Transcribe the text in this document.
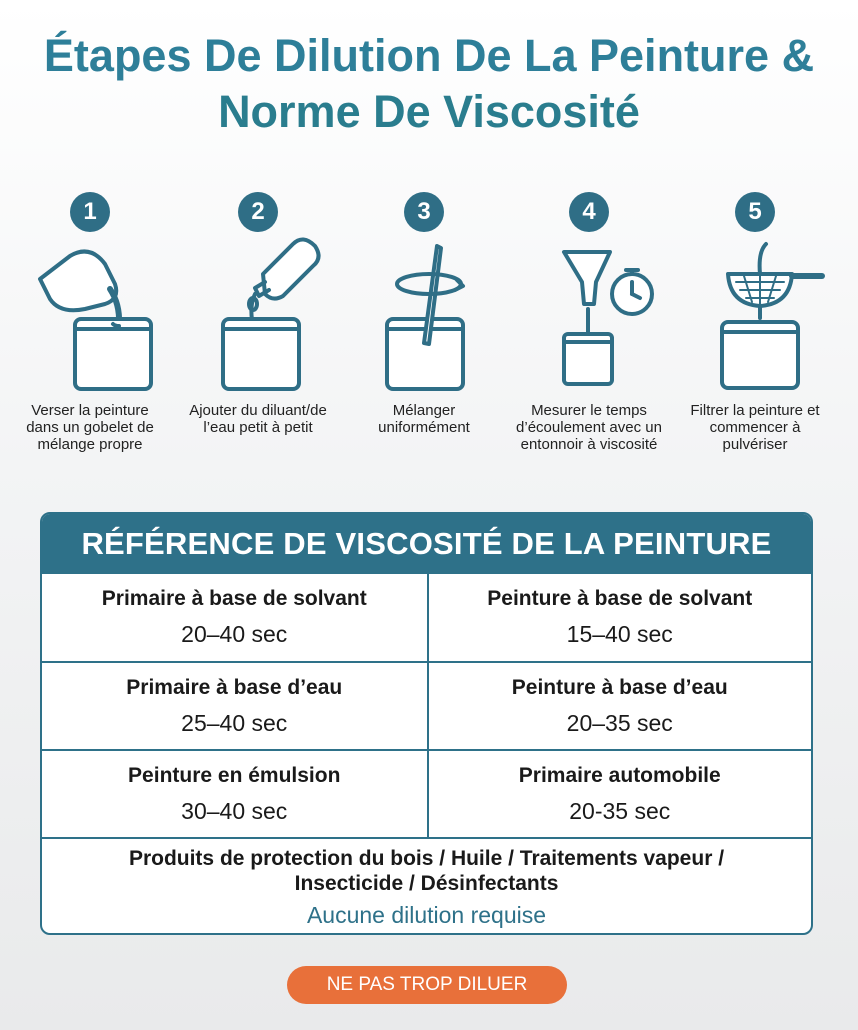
Étapes De Dilution De La Peinture &
Norme De Viscosité
1
Verser la peinture dans un gobelet de mélange propre
2
Ajouter du diluant/de l’eau petit à petit
3
Mélanger uniformément
4
Mesurer le temps d’écoulement avec un entonnoir à viscosité
5
Filtrer la peinture et commencer à pulvériser
RÉFÉRENCE DE VISCOSITÉ DE LA PEINTURE
Primaire à base de solvant
20–40 sec
Peinture à base de solvant
15–40 sec
Primaire à base d’eau
25–40 sec
Peinture à base d’eau
20–35 sec
Peinture en émulsion
30–40 sec
Primaire automobile
20-35 sec
Produits de protection du bois / Huile / Traitements vapeur / Insecticide / Désinfectants
Aucune dilution requise
NE PAS TROP DILUER
